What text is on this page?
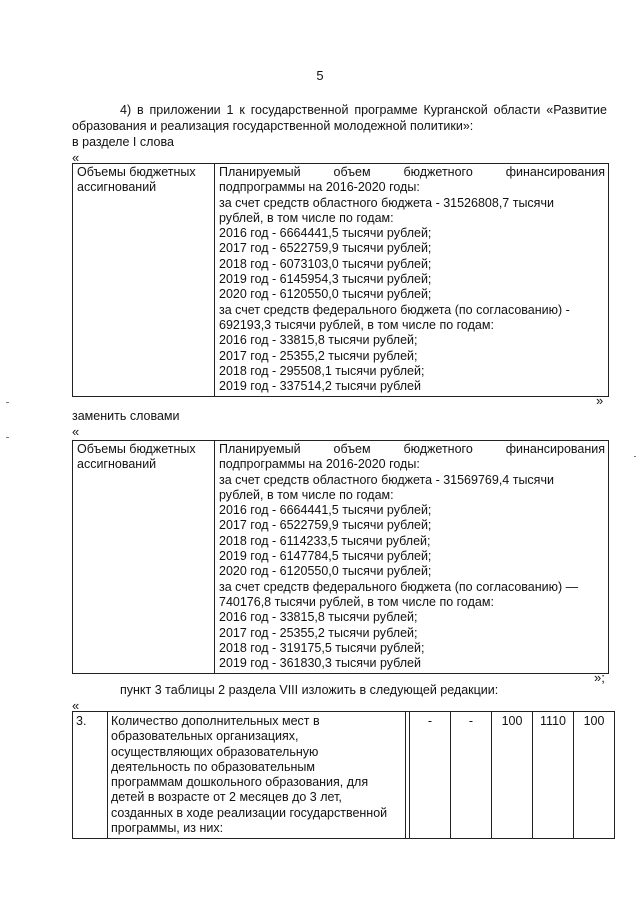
5
4) в приложении 1 к государственной программе Курганской области «Развитие образования и реализация государственной молодежной политики»:
в разделе I слова
«
Объемы бюджетных ассигнований	
Планируемый объем бюджетного финансирования
подпрограммы на 2016-2020 годы:
за счет средств областного бюджета - 31526808,7 тысячи
рублей, в том числе по годам:
2016 год - 6664441,5 тысячи рублей;
2017 год - 6522759,9 тысячи рублей;
2018 год - 6073103,0 тысячи рублей;
2019 год - 6145954,3 тысячи рублей;
2020 год - 6120550,0 тысячи рублей;
за счет средств федерального бюджета (по согласованию) -
692193,3 тысячи рублей, в том числе по годам:
2016 год - 33815,8 тысячи рублей;
2017 год - 25355,2 тысячи рублей;
2018 год - 295508,1 тысячи рублей;
2019 год - 337514,2 тысячи рублей
»
заменить словами
«
Объемы бюджетных ассигнований	
Планируемый объем бюджетного финансирования
подпрограммы на 2016-2020 годы:
за счет средств областного бюджета - 31569769,4 тысячи
рублей, в том числе по годам:
2016 год - 6664441,5 тысячи рублей;
2017 год - 6522759,9 тысячи рублей;
2018 год - 6114233,5 тысячи рублей;
2019 год - 6147784,5 тысячи рублей;
2020 год - 6120550,0 тысячи рублей;
за счет средств федерального бюджета (по согласованию) —
740176,8 тысячи рублей, в том числе по годам:
2016 год - 33815,8 тысячи рублей;
2017 год - 25355,2 тысячи рублей;
2018 год - 319175,5 тысячи рублей;
2019 год - 361830,3 тысячи рублей
»;
пункт 3 таблицы 2 раздела VIII изложить в следующей редакции:
«
3.	Количество дополнительных мест в
образовательных организациях,
осуществляющих образовательную
деятельность по образовательным
программам дошкольного образования, для
детей в возрасте от 2 месяцев до 3 лет,
созданных в ходе реализации государственной
программы, из них:
		-	-	100	1110	100
